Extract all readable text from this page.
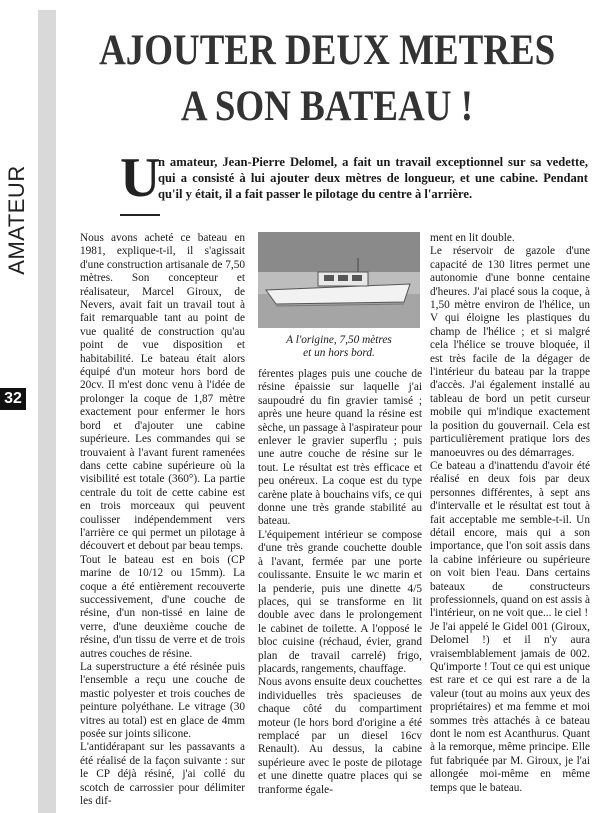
AMATEUR
32
AJOUTER DEUX METRES
A SON BATEAU !
U
n amateur, Jean-Pierre Delomel, a fait un travail exceptionnel sur sa vedette, qui a consisté à lui ajouter deux mètres de longueur, et une cabine. Pendant qu'il y était, il a fait passer le pilotage du centre à l'arrière.

Nous avons acheté ce bateau en 1981, explique-t-il, il s'agissait d'une construction artisanale de 7,50 mètres. Son concepteur et réalisateur, Marcel Giroux, de Nevers, avait fait un travail tout à fait remarquable tant au point de vue qualité de construction qu'au point de vue disposition et habitabilité. Le bateau était alors équipé d'un moteur hors bord de 20cv. Il m'est donc venu à l'idée de prolonger la coque de 1,87 mètre exactement pour enfermer le hors bord et d'ajouter une cabine supérieure. Les commandes qui se trouvaient à l'avant furent ramenées dans cette cabine supérieure où la visibilité est totale (360°). La partie centrale du toit de cette cabine est en trois morceaux qui peuvent coulisser indépendemment vers l'arrière ce qui permet un pilotage à découvert et debout par beau temps.

Tout le bateau est en bois (CP marine de 10/12 ou 15mm). La coque a été entièrement recouverte successivement, d'une couche de résine, d'un non-tissé en laine de verre, d'une deuxième couche de résine, d'un tissu de verre et de trois autres couches de résine.

La superstructure a été résinée puis l'ensemble a reçu une couche de mastic polyester et trois couches de peinture polyéthane. Le vitrage (30 vitres au total) est en glace de 4mm posée sur joints silicone.

L'antidérapant sur les passavants a été réalisé de la façon suivante : sur le CP déjà résiné, j'ai collé du scotch de carrossier pour délimiter les dif-

A l'origine, 7,50 mètres
et un hors bord.

férentes plages puis une couche de résine épaissie sur laquelle j'ai saupoudré du fin gravier tamisé ; après une heure quand la résine est sèche, un passage à l'aspirateur pour enlever le gravier superflu ; puis une autre couche de résine sur le tout. Le résultat est très efficace et peu onéreux. La coque est du type carène plate à bouchains vifs, ce qui donne une très grande stabilité au bateau.

L'équipement intérieur se compose d'une très grande couchette double à l'avant, fermée par une porte coulissante. Ensuite le wc marin et la penderie, puis une dinette 4/5 places, qui se transforme en lit double avec dans le prolongement le cabinet de toilette. A l'opposé le bloc cuisine (réchaud, évier, grand plan de travail carrelé) frigo, placards, rangements, chauffage.

Nous avons ensuite deux couchettes individuelles très spacieuses de chaque côté du compartiment moteur (le hors bord d'origine a été remplacé par un diesel 16cv Renault). Au dessus, la cabine supérieure avec le poste de pilotage et une dinette quatre places qui se tranforme égale-

ment en lit double.

Le réservoir de gazole d'une capacité de 130 litres permet une autonomie d'une bonne centaine d'heures. J'ai placé sous la coque, à 1,50 mètre environ de l'hélice, un V qui éloigne les plastiques du champ de l'hélice ; et si malgré cela l'hélice se trouve bloquée, il est très facile de la dégager de l'intérieur du bateau par la trappe d'accès. J'ai également installé au tableau de bord un petit curseur mobile qui m'indique exactement la position du gouvernail. Cela est particulièrement pratique lors des manoeuvres ou des démarrages.

Ce bateau a d'inattendu d'avoir été réalisé en deux fois par deux personnes différentes, à sept ans d'intervalle et le résultat est tout à fait acceptable me semble-t-il. Un détail encore, mais qui a son importance, que l'on soit assis dans la cabine inférieure ou supérieure on voit bien l'eau. Dans certains bateaux de constructeurs professionnels, quand on est assis à l'intérieur, on ne voit que... le ciel !

Je l'ai appelé le Gidel 001 (Giroux, Delomel !) et il n'y aura vraisemblablement jamais de 002. Qu'importe ! Tout ce qui est unique est rare et ce qui est rare a de la valeur (tout au moins aux yeux des propriétaires) et ma femme et moi sommes très attachés à ce bateau dont le nom est Acanthurus. Quant à la remorque, même principe. Elle fut fabriquée par M. Giroux, je l'ai allongée moi-même en même temps que le bateau.
